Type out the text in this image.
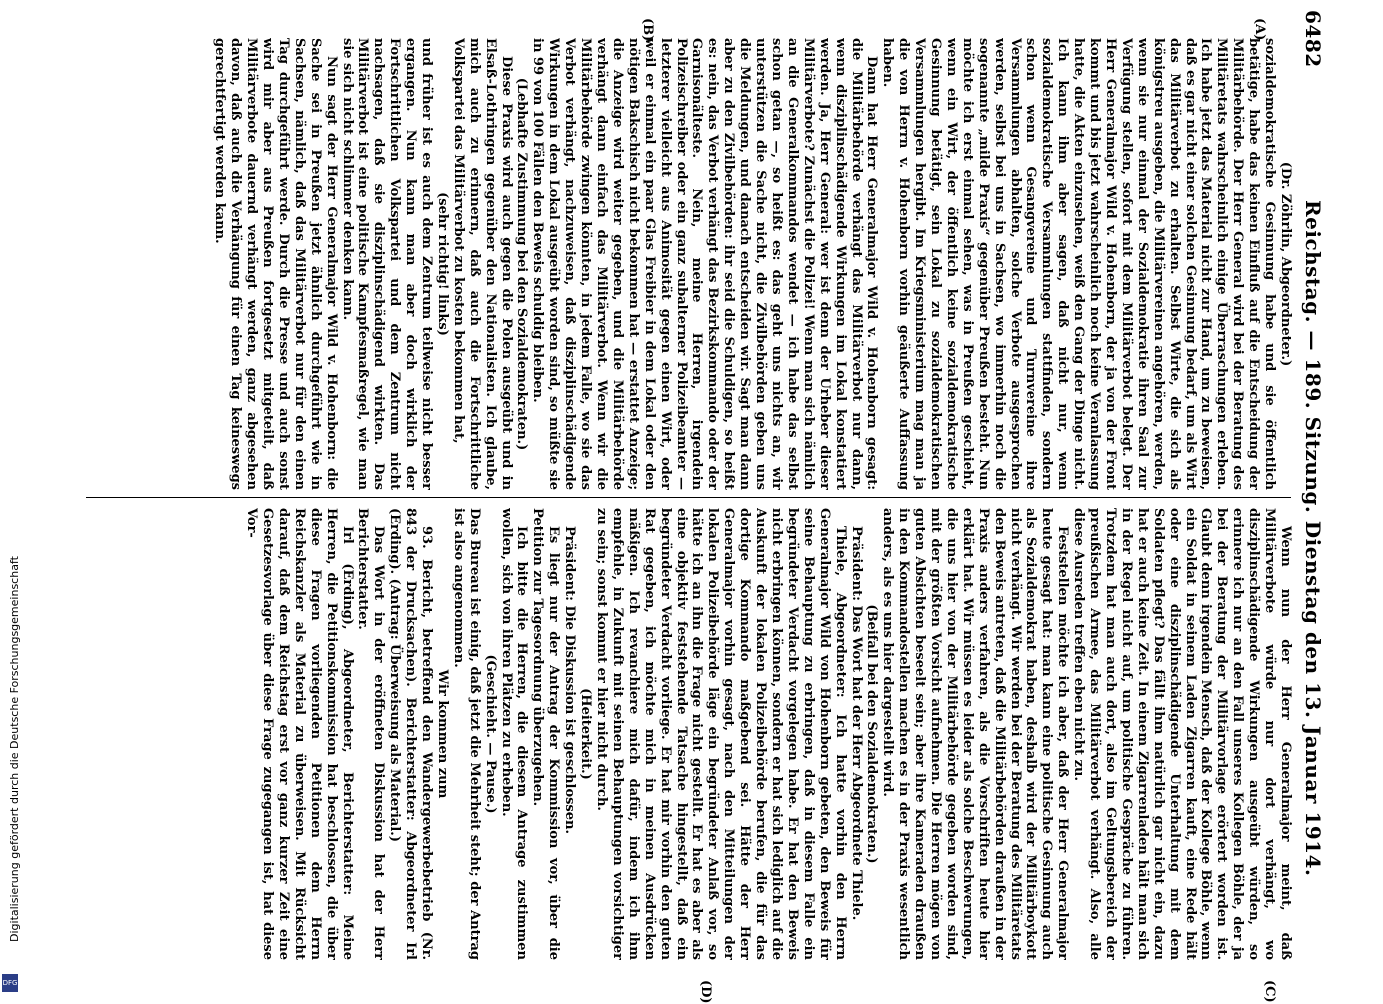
6482
Reichstag. — 189. Sitzung. Dienstag den 13. Januar 1914.
(A)
(B)
(C)
(D)

(Dr. Zöhrlin, Abgeordneter.)

sozialdemokratische Gesinnung habe und sie öffentlich betätige, habe das keinen Einfluß auf die Entscheidung der Militärbehörde. Der Herr General wird bei der Beratung des Militäretats wahrscheinlich einige Überraschungen erleben. Ich habe jetzt das Material nicht zur Hand, um zu beweisen, daß es gar nicht einer solchen Gesinnung bedarf, um als Wirt das Militärverbot zu erhalten. Selbst Wirte, die sich als königstreu ausgeben, die Militärvereinen angehören, werden, wenn sie nur einmal der Sozialdemokratie ihren Saal zur Verfügung stellen, sofort mit dem Militärverbot belegt. Der Herr Generalmajor Wild v. Hohenborn, der ja von der Front kommt und bis jetzt wahrscheinlich noch keine Veranlassung hatte, die Akten einzusehen, weiß den Gang der Dinge nicht. Ich kann ihm aber sagen, daß nicht nur, wenn sozialdemokratische Versammlungen stattfinden, sondern schon wenn Gesangvereine und Turnvereine ihre Versammlungen abhalten, solche Verbote ausgesprochen werden, selbst bei uns in Sachsen, wo immerhin noch die sogenannte „milde Praxis“ gegenüber Preußen besteht. Nun möchte ich erst einmal sehen, was in Preußen geschieht, wenn ein Wirt, der öffentlich keine sozialdemokratische Gesinnung betätigt, sein Lokal zu sozialdemokratischen Versammlungen hergibt. Im Kriegsministerium mag man ja die von Herrn v. Hohenborn vorhin geäußerte Auffassung haben.

Dann hat Herr Generalmajor Wild v. Hohenborn gesagt: die Militärbehörde verhängt das Militärverbot nur dann, wenn disziplinschädigende Wirkungen im Lokal konstatiert werden. Ja, Herr General: wer ist denn der Urheber dieser Militärverbote? Zunächst die Polizei! Wenn man sich nämlich an die Generalkommandos wendet — ich habe das selbst schon getan —, so heißt es: das geht uns nichts an, wir unterstützen die Sache nicht, die Zivilbehörden geben uns die Meldungen, und danach entscheiden wir. Sagt man dann aber zu den Zivilbehörden: ihr seid die Schuldigen, so heißt es: nein, das Verbot verhängt das Bezirkskommando oder der Garnisonälteste. Nein, meine Herren, irgendein Polizeischreiber oder ein ganz subalterner Polizeibeamter — letzterer vielleicht aus Animosität gegen einen Wirt, oder weil er einmal ein paar Glas Freibier in dem Lokal oder den nötigen Bakschisch nicht bekommen hat — erstattet Anzeige; die Anzeige wird weiter gegeben, und die Militärbehörde verhängt dann einfach das Militärverbot. Wenn wir die Militärbehörde zwingen könnten, in jedem Falle, wo sie das Verbot verhängt, nachzuweisen, daß disziplinschädigende Wirkungen in dem Lokal ausgeübt worden sind, so müßte sie in 99 von 100 Fällen den Beweis schuldig bleiben.

(Lebhafte Zustimmung bei den Sozialdemokraten.)

Diese Praxis wird auch gegen die Polen ausgeübt und in Elsaß-Lothringen gegenüber den Nationalisten. Ich glaube, mich auch zu erinnern, daß auch die Fortschrittliche Volkspartei das Militärverbot zu kosten bekommen hat,

(sehr richtig! links)

und früher ist es auch dem Zentrum teilweise nicht besser ergangen. Nun kann man aber doch wirklich der Fortschrittlichen Volkspartei und dem Zentrum nicht nachsagen, daß sie disziplinschädigend wirkten. Das Militärverbot ist eine politische Kampfesmaßregel, wie man sie sich nicht schlimmer denken kann.

Nun sagt der Herr Generalmajor Wild v. Hohenborn: die Sache sei in Preußen jetzt ähnlich durchgeführt wie in Sachsen, nämlich, daß das Militärverbot nur für den einen Tag durchgeführt werde. Durch die Presse und auch sonst wird mir aber aus Preußen fortgesetzt mitgeteilt, daß Militärverbote dauernd verhängt werden, ganz abgesehen davon, daß auch die Verhängung für einen Tag keineswegs gerechtfertigt werden kann.

Wenn nun der Herr Generalmajor meint, daß Militärverbote würde nur dort verhängt, wo disziplinschädigende Wirkungen ausgeübt würden, so erinnere ich nur an den Fall unseres Kollegen Böhle, der ja bei der Beratung der Militärvorlage erörtert worden ist. Glaubt denn irgendein Mensch, daß der Kollege Böhle, wenn ein Soldat in seinem Laden Zigarren kauft, eine Rede hält oder eine disziplinschädigende Unterhaltung mit dem Soldaten pflegt? Das fällt ihm natürlich gar nicht ein, dazu hat er auch keine Zeit. In einem Zigarrenladen hält man sich in der Regel nicht auf, um politische Gespräche zu führen. Trotzdem hat man auch dort, also im Geltungsbereich der preußischen Armee, das Militärverbot verhängt. Also, alle diese Ausreden treffen eben nicht zu.

Feststellen möchte ich aber, daß der Herr Generalmajor heute gesagt hat: man kann eine politische Gesinnung auch als Sozialdemokrat haben, deshalb wird der Militärboykott nicht verhängt. Wir werden bei der Beratung des Militäretats den Beweis antreten, daß die Militärbehörden draußen in der Praxis anders verfahren, als die Vorschriften heute hier erklärt hat. Wir müssen es leider als solche Beschwerungen, die uns hier von der Militärbehörde gegeben worden sind, mit der größten Vorsicht aufnehmen. Die Herren mögen von guten Absichten beseelt sein; aber ihre Kameraden draußen in den Kommandostellen machen es in der Praxis wesentlich anders, als es uns hier dargestellt wird.

(Beifall bei den Sozialdemokraten.)

Präsident: Das Wort hat der Herr Abgeordnete Thiele.

Thiele, Abgeordneter: Ich hatte vorhin den Herrn Generalmajor Wild von Hohenborn gebeten, den Beweis für seine Behauptung zu erbringen, daß in diesem Falle ein begründeter Verdacht vorgelegen habe. Er hat den Beweis nicht erbringen können, sondern er hat sich lediglich auf die Auskunft der lokalen Polizeibehörde berufen, die für das dortige Kommando maßgebend sei. Hätte der Herr Generalmajor vorhin gesagt, nach den Mitteilungen der lokalen Polizeibehörde läge ein begründeter Anlaß vor, so hätte ich an ihn die Frage nicht gestellt. Er hat es aber als eine objektiv feststehende Tatsache hingestellt, daß ein begründeter Verdacht vorliege. Er hat mir vorhin den guten Rat gegeben, ich möchte mich in meinen Ausdrücken mäßigen. Ich revanchiere mich dafür, indem ich ihm empfehle, in Zukunft mit seinen Behauptungen vorsichtiger zu sein; sonst kommt er hier nicht durch.

(Heiterkeit.)

Präsident: Die Diskussion ist geschlossen.

Es liegt nur der Antrag der Kommission vor, über die Petition zur Tagesordnung überzugehen.

Ich bitte die Herren, die diesem Antrage zustimmen wollen, sich von ihren Plätzen zu erheben.

(Geschieht. — Pause.)

Das Bureau ist einig, daß jetzt die Mehrheit steht; der Antrag ist also angenommen.

Wir kommen zum

93. Bericht, betreffend den Wandergewerbebetrieb (Nr. 843 der Drucksachen). Berichterstatter: Abgeordneter Irl (Erding). (Antrag: Überweisung als Material.)

Das Wort in der eröffneten Diskussion hat der Herr Berichterstatter.

Irl (Erding), Abgeordneter, Berichterstatter: Meine Herren, die Petitionskommission hat beschlossen, die über diese Fragen vorliegenden Petitionen dem Herrn Reichskanzler als Material zu überweisen. Mit Rücksicht darauf, daß dem Reichstag erst vor ganz kurzer Zeit eine Gesetzesvorlage über diese Frage zugegangen ist, hat diese Vor-

Digitalisierung gefördert durch die Deutsche Forschungsgemeinschaft
DFG
